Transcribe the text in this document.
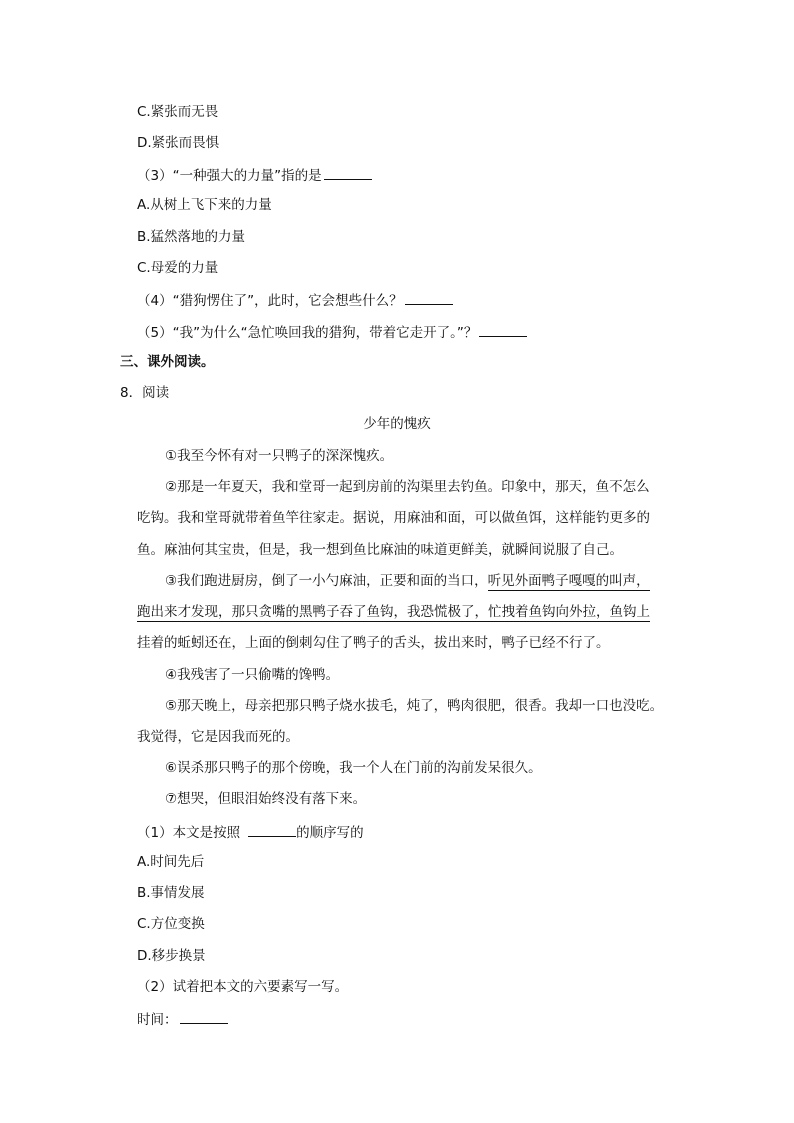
C.紧张而无畏
D.紧张而畏惧
（3）“一种强大的力量”指的是
A.从树上飞下来的力量
B.猛然落地的力量
C.母爱的力量
（4）“猎狗愣住了”，此时，它会想些什么？
（5）“我”为什么“急忙唤回我的猎狗，带着它走开了。”？
三、课外阅读。
8．阅读
少年的愧疚
①我至今怀有对一只鸭子的深深愧疚。
②那是一年夏天，我和堂哥一起到房前的沟渠里去钓鱼。印象中，那天，鱼不怎么
吃钩。我和堂哥就带着鱼竿往家走。据说，用麻油和面，可以做鱼饵，这样能钓更多的
鱼。麻油何其宝贵，但是，我一想到鱼比麻油的味道更鲜美，就瞬间说服了自己。
③我们跑进厨房，倒了一小勺麻油，正要和面的当口，听见外面鸭子嘎嘎的叫声，
跑出来才发现，那只贪嘴的黑鸭子吞了鱼钩，我恐慌极了，忙拽着鱼钩向外拉，鱼钩上
挂着的蚯蚓还在，上面的倒刺勾住了鸭子的舌头，拔出来时，鸭子已经不行了。
④我残害了一只偷嘴的馋鸭。
⑤那天晚上，母亲把那只鸭子烧水拔毛，炖了，鸭肉很肥，很香。我却一口也没吃。
我觉得，它是因我而死的。
⑥误杀那只鸭子的那个傍晚，我一个人在门前的沟前发呆很久。
⑦想哭，但眼泪始终没有落下来。
（1）本文是按照	的顺序写的
A.时间先后
B.事情发展
C.方位变换
D.移步换景
（2）试着把本文的六要素写一写。
时间：
